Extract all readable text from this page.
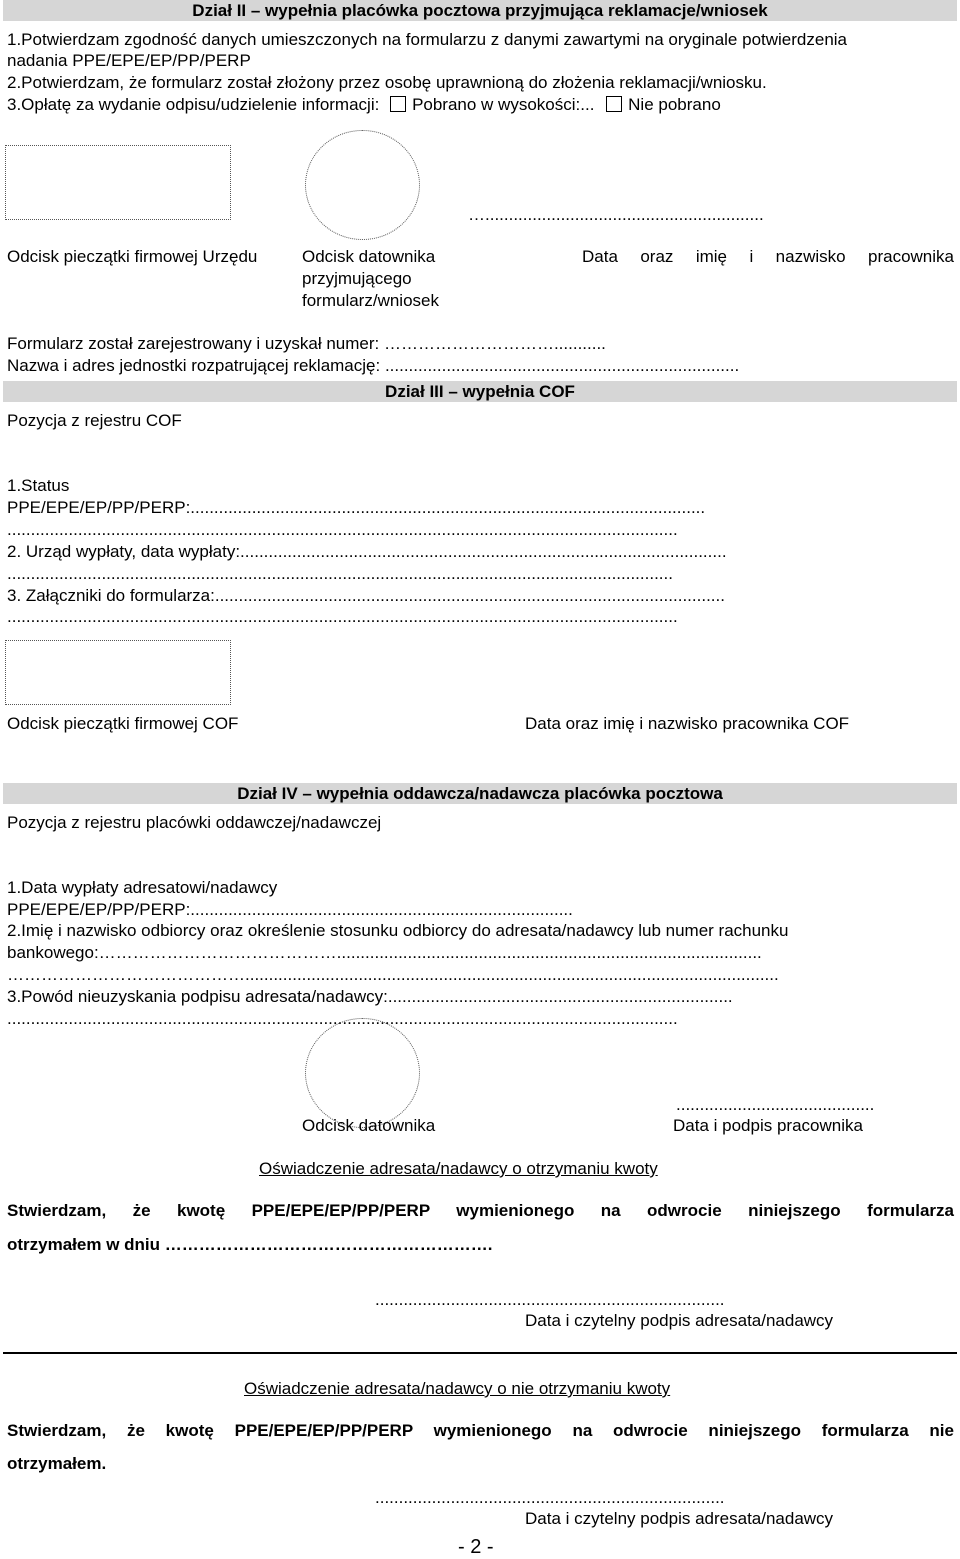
Dział II – wypełnia placówka pocztowa przyjmująca reklamacje/wniosek
1.Potwierdzam zgodność danych umieszczonych na formularzu z danymi zawartymi na oryginale potwierdzenia
nadania PPE/EPE/EP/PP/PERP
2.Potwierdzam, że formularz został złożony przez osobę uprawnioną do złożenia reklamacji/wniosku.
3.Opłatę za wydanie odpisu/udzielenie informacji: Pobrano w wysokości:... Nie pobrano
…...........................................................
Odcisk pieczątki firmowej Urzędu	Odcisk datownika
przyjmującego
formularz/wniosek
Data oraz imię i nazwisko pracownika
Formularz został zarejestrowany i uzyskał numer: …………………………...........
Nazwa i adres jednostki rozpatrującej reklamację: ...........................................................................
Dział III – wypełnia COF
Pozycja z rejestru COF
1.Status
PPE/EPE/EP/PP/PERP:.............................................................................................................
..............................................................................................................................................
2. Urząd wypłaty, data wypłaty:.......................................................................................................
.............................................................................................................................................
3. Załączniki do formularza:............................................................................................................
..............................................................................................................................................
Odcisk pieczątki firmowej COF	Data oraz imię i nazwisko pracownika COF
Dział IV – wypełnia oddawcza/nadawcza placówka pocztowa
Pozycja z rejestru placówki oddawczej/nadawczej
1.Data wypłaty adresatowi/nadawcy
PPE/EPE/EP/PP/PERP:.................................................................................
2.Imię i nazwisko odbiorcy oraz określenie stosunku odbiorcy do adresata/nadawcy lub numer rachunku
bankowego:……………………………………..........................................................................................
…………………………………….................................................................................................................
3.Powód nieuzyskania podpisu adresata/nadawcy:.........................................................................
..............................................................................................................................................
..........................................
Odcisk datownika	Data i podpis pracownika
Oświadczenie adresata/nadawcy o otrzymaniu kwoty
Stwierdzam, że kwotę PPE/EPE/EP/PP/PERP wymienionego na odwrocie niniejszego formularza
otrzymałem w dniu ………………………………………………….
..........................................................................
Data i czytelny podpis adresata/nadawcy
Oświadczenie adresata/nadawcy o nie otrzymaniu kwoty
Stwierdzam, że kwotę PPE/EPE/EP/PP/PERP wymienionego na odwrocie niniejszego formularza nie
otrzymałem.
..........................................................................
Data i czytelny podpis adresata/nadawcy
- 2 -
